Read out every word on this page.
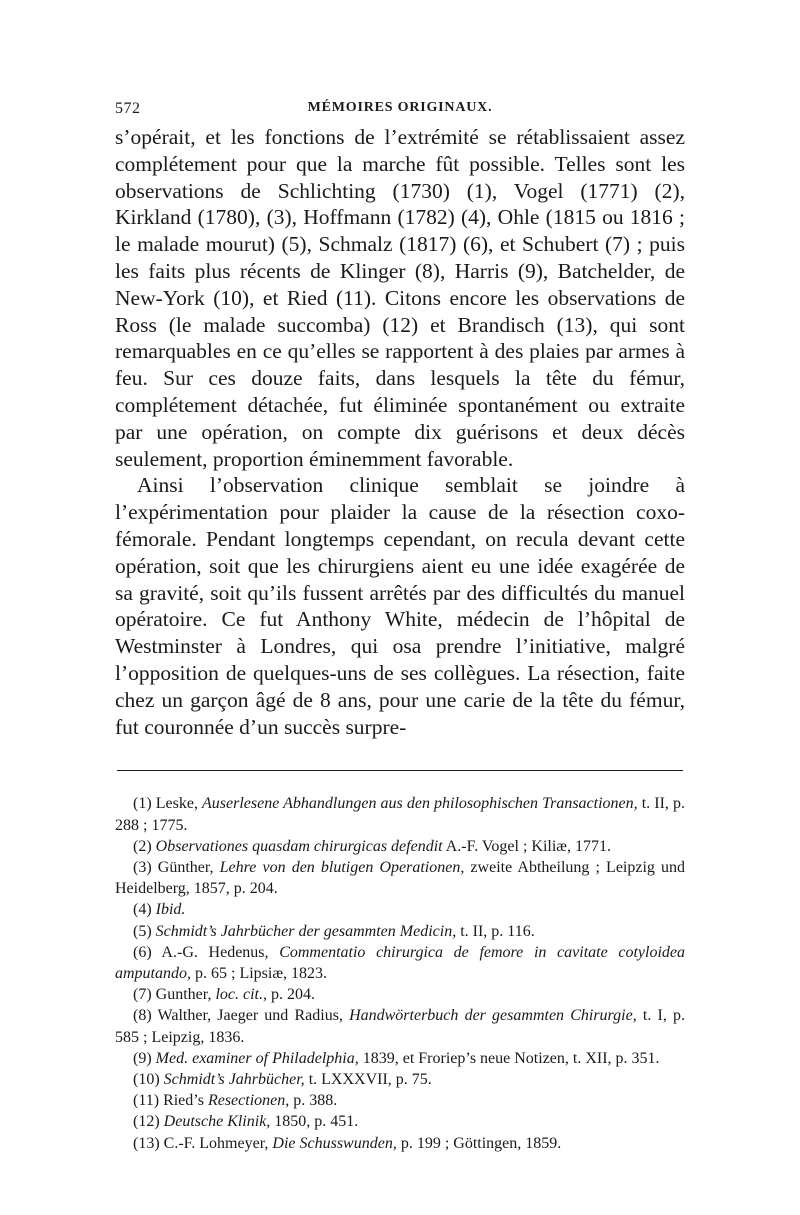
572	MÉMOIRES ORIGINAUX.

s’opérait, et les fonctions de l’extrémité se rétablissaient assez complétement pour que la marche fût possible. Telles sont les observations de Schlichting (1730) (1), Vogel (1771) (2), Kirkland (1780), (3), Hoffmann (1782) (4), Ohle (1815 ou 1816 ; le malade mourut) (5), Schmalz (1817) (6), et Schubert (7) ; puis les faits plus récents de Klinger (8), Harris (9), Batchelder, de New-York (10), et Ried (11). Citons encore les observations de Ross (le malade succomba) (12) et Brandisch (13), qui sont remarquables en ce qu’elles se rapportent à des plaies par armes à feu. Sur ces douze faits, dans lesquels la tête du fémur, complétement détachée, fut éliminée spontanément ou extraite par une opération, on compte dix guérisons et deux décès seulement, proportion éminemment favorable.

Ainsi l’observation clinique semblait se joindre à l’expérimentation pour plaider la cause de la résection coxo-fémorale. Pendant longtemps cependant, on recula devant cette opération, soit que les chirurgiens aient eu une idée exagérée de sa gravité, soit qu’ils fussent arrêtés par des difficultés du manuel opératoire. Ce fut Anthony White, médecin de l’hôpital de Westminster à Londres, qui osa prendre l’initiative, malgré l’opposition de quelques-uns de ses collègues. La résection, faite chez un garçon âgé de 8 ans, pour une carie de la tête du fémur, fut couronnée d’un succès surpre-

(1) Leske, Auserlesene Abhandlungen aus den philosophischen Transactionen, t. II, p. 288 ; 1775.

(2) Observationes quasdam chirurgicas defendit A.-F. Vogel ; Kiliæ, 1771.

(3) Günther, Lehre von den blutigen Operationen, zweite Abtheilung ; Leipzig und Heidelberg, 1857, p. 204.

(4) Ibid.

(5) Schmidt’s Jahrbücher der gesammten Medicin, t. II, p. 116.

(6) A.-G. Hedenus, Commentatio chirurgica de femore in cavitate cotyloidea amputando, p. 65 ; Lipsiæ, 1823.

(7) Gunther, loc. cit., p. 204.

(8) Walther, Jaeger und Radius, Handwörterbuch der gesammten Chirurgie, t. I, p. 585 ; Leipzig, 1836.

(9) Med. examiner of Philadelphia, 1839, et Froriep’s neue Notizen, t. XII, p. 351.

(10) Schmidt’s Jahrbücher, t. LXXXVII, p. 75.

(11) Ried’s Resectionen, p. 388.

(12) Deutsche Klinik, 1850, p. 451.

(13) C.-F. Lohmeyer, Die Schusswunden, p. 199 ; Göttingen, 1859.
